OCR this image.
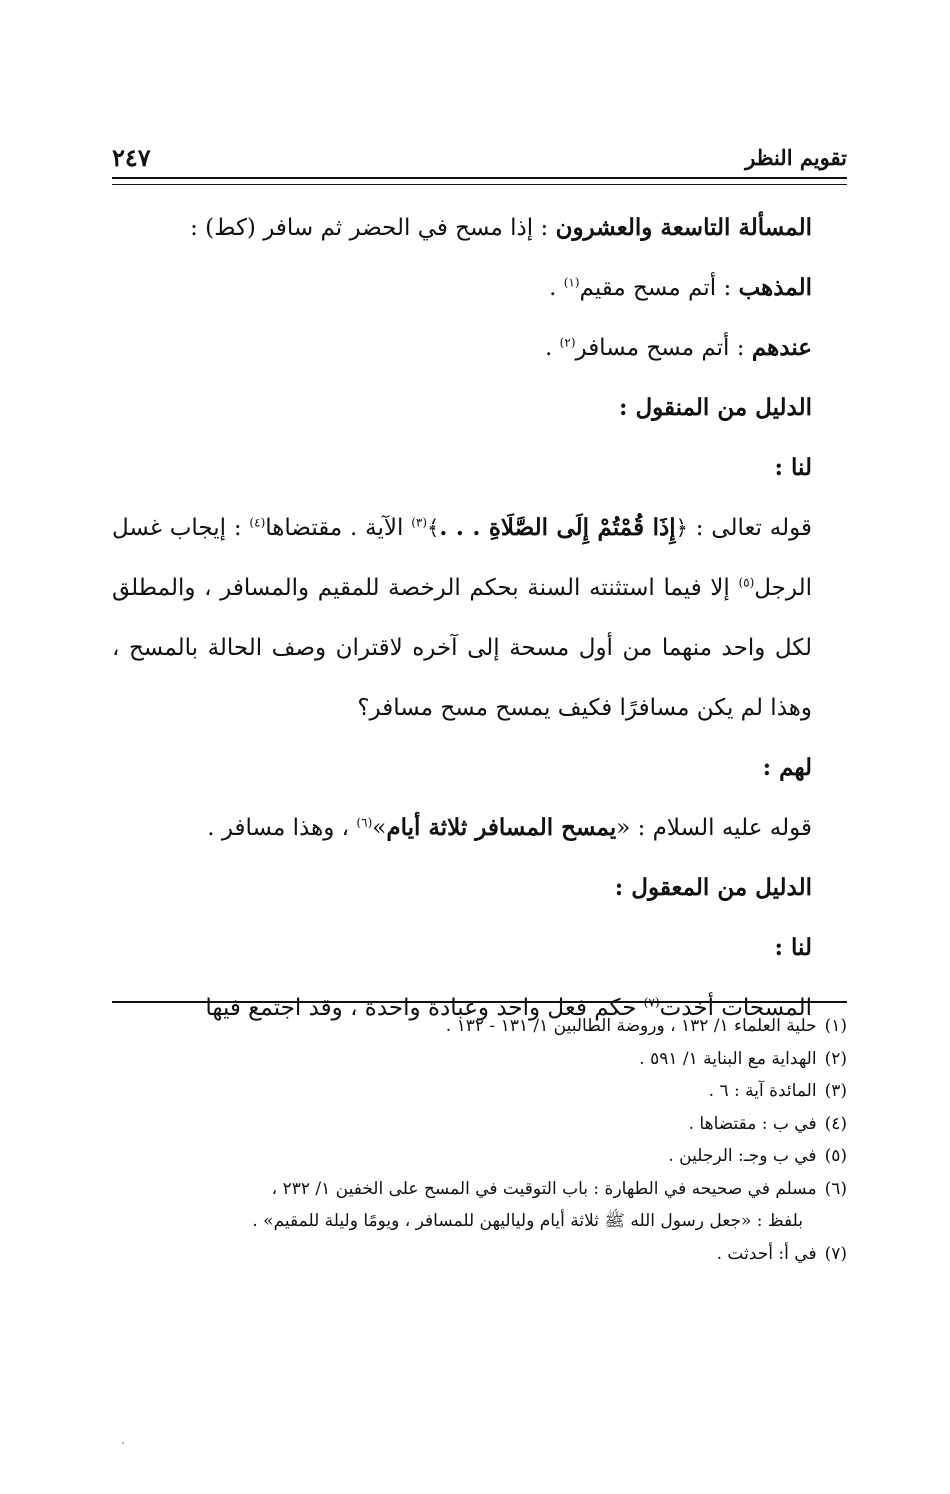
تقويم النظر
٢٤٧

المسألة التاسعة والعشرون : إذا مسح في الحضر ثم سافر (كط) :

المذهب : أتم مسح مقيم$^{(١)}$ .

عندهم : أتم مسح مسافر$^{(٢)}$ .

الدليل من المنقول :

لنا :

قوله تعالى : ﴿إِذَا قُمْتُمْ إِلَى الصَّلَاةِ . . .﴾$^{(٣)}$ الآية . مقتضاها$^{(٤)}$ : إيجاب غسل الرجل$^{(٥)}$ إلا فيما استثنته السنة بحكم الرخصة للمقيم والمسافر ، والمطلق لكل واحد منهما من أول مسحة إلى آخره لاقتران وصف الحالة بالمسح ، وهذا لم يكن مسافرًا فكيف يمسح مسح مسافر؟

لهم :

قوله عليه السلام : «يمسح المسافر ثلاثة أيام»$^{(٦)}$ ، وهذا مسافر .

الدليل من المعقول :

لنا :

المسحات أخذت$^{(٧)}$ حكم فعل واحد وعبادة واحدة ، وقد اجتمع فيها

(١)حلية العلماء ١/ ١٣٢ ، وروضة الطالبين ١/ ١٣١ - ١٣٢ .

(٢)الهداية مع البناية ١/ ٥٩١ .

(٣)المائدة آية : ٦ .

(٤)في ب : مقتضاها .

(٥)في ب وجـ: الرجلين .

(٦)مسلم في صحيحه في الطهارة : باب التوقيت في المسح على الخفين ١/ ٢٣٢ ،

بلفظ : «جعل رسول الله ﷺ ثلاثة أيام ولياليهن للمسافر ، ويومًا وليلة للمقيم» .

(٧)في أ: أحدثت .
